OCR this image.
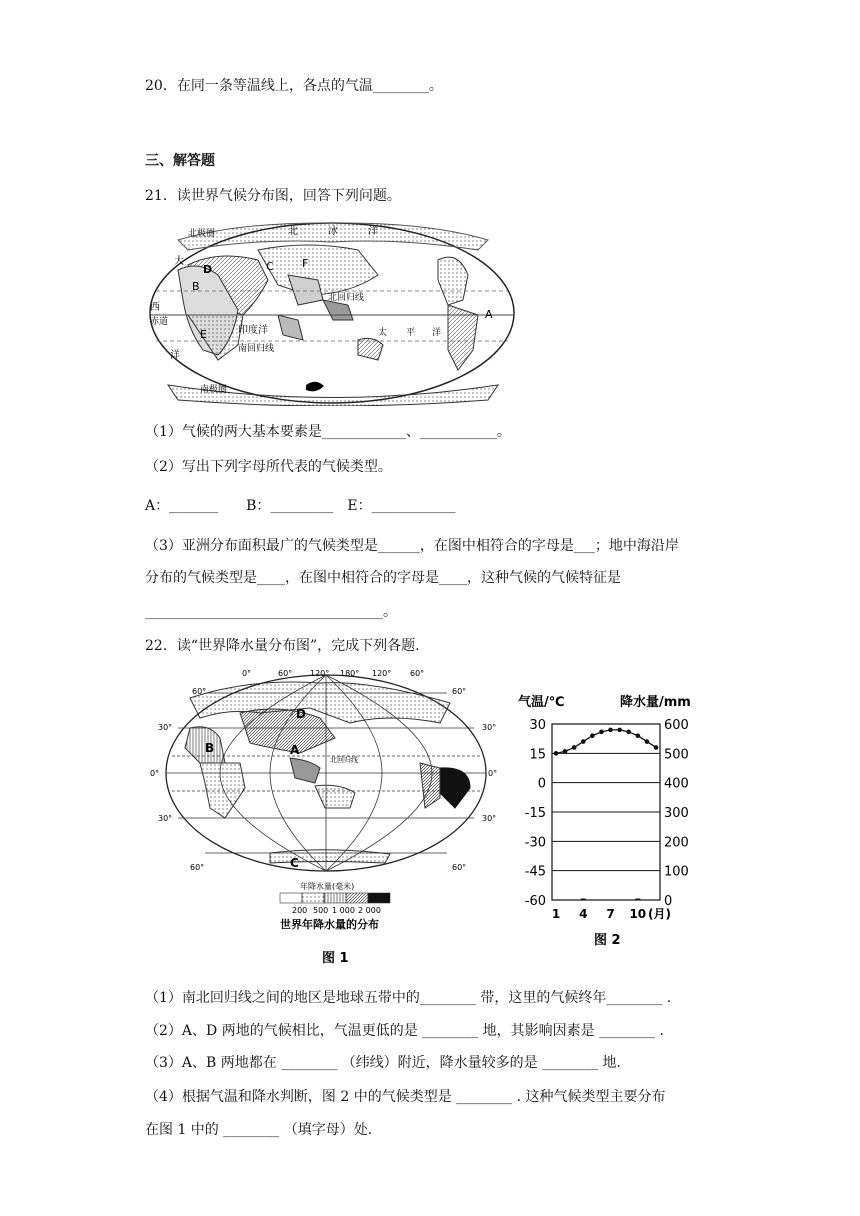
20．在同一条等温线上，各点的气温________。
三、解答题
21．读世界气候分布图，回答下列问题。
北极圈	北	冰	洋
大
西
赤道
洋
北回归线
印度洋	太 平 洋
南回归线
南极圈
D
B
C	F
E
A
（1）气候的两大基本要素是____________、___________。
（2）写出下列字母所代表的气候类型。
A：_______　　B：_________　E：____________
（3）亚洲分布面积最广的气候类型是______，在图中相符合的字母是___；地中海沿岸
分布的气候类型是____，在图中相符合的字母是____，这种气候的气候特征是
__________________________________。
22．读“世界降水量分布图”，完成下列各题.
0°	60° 120° 180° 120° 60°
60°
30°
0°
30°
60°
60°
30°
0°
30°
60°
A
B
C
D
北回归线
年降水量(毫米)
200 500 1 000 2 000
世界年降水量的分布
图 1
气温/℃	降水量/mm
30
15
0
-15
-30
-45
-60
600
500
400
300
200
100
0
1 4 7 10 (月)
图 2
（1）南北回归线之间的地区是地球五带中的________ 带，这里的气候终年________ .
（2）A、D 两地的气候相比，气温更低的是 ________ 地，其影响因素是 ________ .
（3）A、B 两地都在 ________ （纬线）附近，降水量较多的是 ________ 地.
（4）根据气温和降水判断，图 2 中的气候类型是 ________ . 这种气候类型主要分布
在图 1 中的 ________ （填字母）处.
